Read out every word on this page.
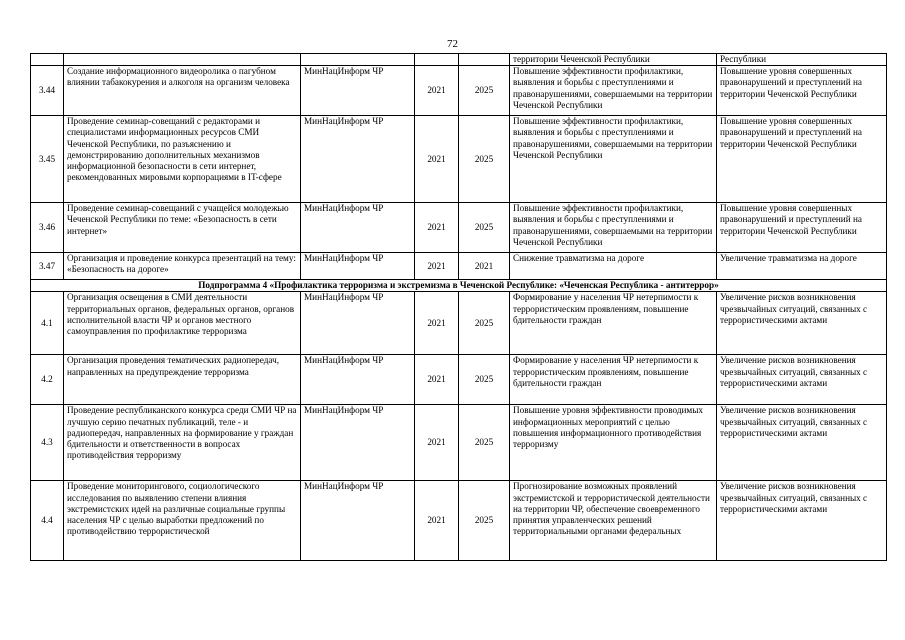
72
					территории Чеченской Республики	Республики
3.44	Создание информационного видеоролика о пагубном влиянии табакокурения и алкоголя на организм человека	МинНацИнформ ЧР	2021	2025	Повышение эффективности профилактики, выявления и борьбы с преступлениями и правонарушениями, совершаемыми на территории Чеченской Республики	Повышение уровня совершенных правонарушений и преступлений на территории Чеченской Республики
3.45	Проведение семинар-совещаний с редакторами и специалистами информационных ресурсов СМИ Чеченской Республики, по разъяснению и демонстрированию дополнительных механизмов информационной безопасности в сети интернет, рекомендованных мировыми корпорациями в IT-сфере	МинНацИнформ ЧР	2021	2025	Повышение эффективности профилактики, выявления и борьбы с преступлениями и правонарушениями, совершаемыми на территории Чеченской Республики	Повышение уровня совершенных правонарушений и преступлений на территории Чеченской Республики
3.46	Проведение семинар-совещаний с учащейся молодежью Чеченской Республики по теме: «Безопасность в сети интернет»	МинНацИнформ ЧР	2021	2025	Повышение эффективности профилактики, выявления и борьбы с преступлениями и правонарушениями, совершаемыми на территории Чеченской Республики	Повышение уровня совершенных правонарушений и преступлений на территории Чеченской Республики
3.47	Организация и проведение конкурса презентаций на тему: «Безопасность на дороге»	МинНацИнформ ЧР	2021	2021	Снижение травматизма на дороге	Увеличение травматизма на дороге
Подпрограмма 4 «Профилактика терроризма и экстремизма в Чеченской Республике: «Чеченская Республика - антитеррор»						
4.1	Организация освещения в СМИ деятельности территориальных органов, федеральных органов, органов исполнительной власти ЧР и органов местного самоуправления по профилактике терроризма	МинНацИнформ ЧР	2021	2025	Формирование у населения ЧР нетерпимости к террористическим проявлениям, повышение бдительности граждан	Увеличение рисков возникновения чрезвычайных ситуаций, связанных с террористическими актами
4.2	Организация проведения тематических радиопередач, направленных на предупреждение терроризма	МинНацИнформ ЧР	2021	2025	Формирование у населения ЧР нетерпимости к террористическим проявлениям, повышение бдительности граждан	Увеличение рисков возникновения чрезвычайных ситуаций, связанных с террористическими актами
4.3	Проведение республиканского конкурса среди СМИ ЧР на лучшую серию печатных публикаций, теле - и радиопередач, направленных на формирование у граждан бдительности и ответственности в вопросах противодействия терроризму	МинНацИнформ ЧР	2021	2025	Повышение уровня эффективности проводимых информационных мероприятий с целью повышения информационного противодействия терроризму	Увеличение рисков возникновения чрезвычайных ситуаций, связанных с террористическими актами
4.4	Проведение мониторингового, социологического исследования по выявлению степени влияния экстремистских идей на различные социальные группы населения ЧР с целью выработки предложений по противодействию террористической	МинНацИнформ ЧР	2021	2025	Прогнозирование возможных проявлений экстремистской и террористической деятельности на территории ЧР, обеспечение своевременного принятия управленческих решений территориальными органами федеральных	Увеличение рисков возникновения чрезвычайных ситуаций, связанных с террористическими актами
